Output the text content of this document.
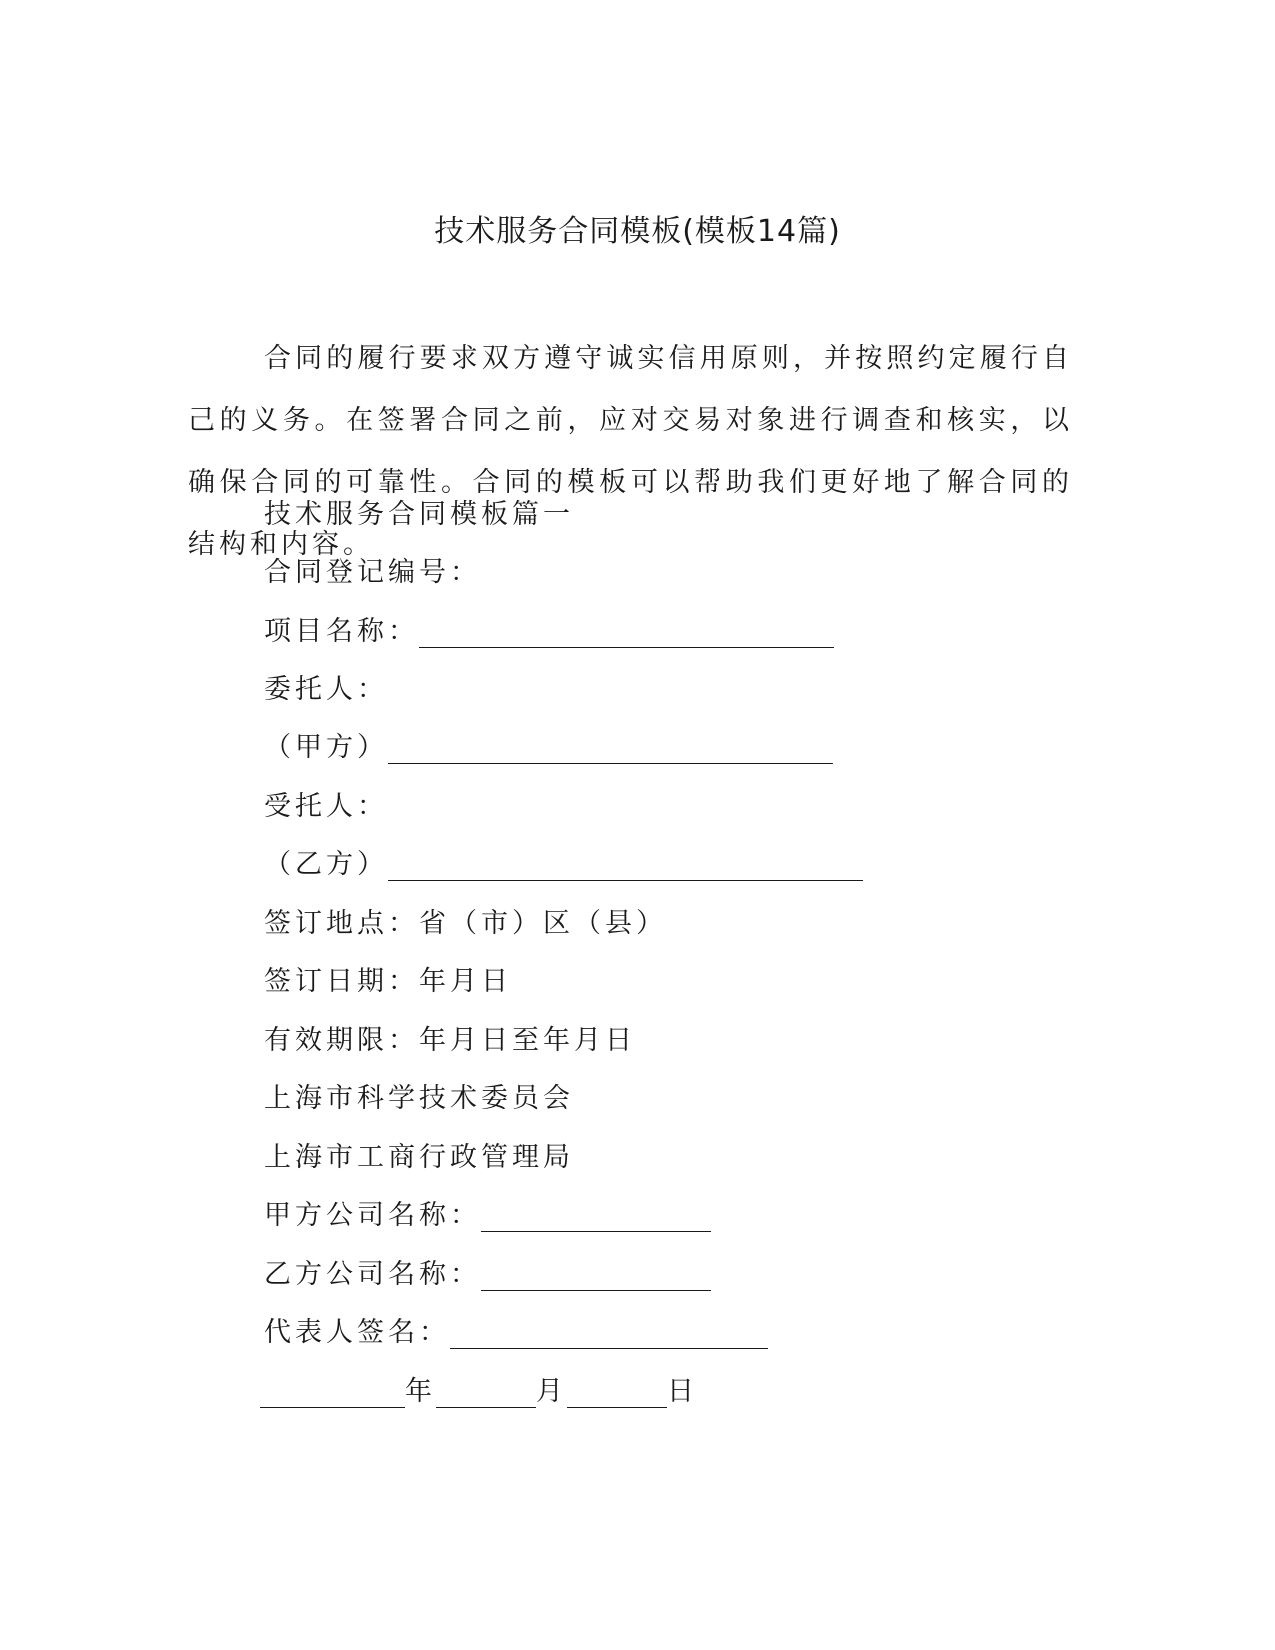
技术服务合同模板(模板14篇)

合同的履行要求双方遵守诚实信用原则，并按照约定履行自己的义务。在签署合同之前，应对交易对象进行调查和核实，以确保合同的可靠性。合同的模板可以帮助我们更好地了解合同的结构和内容。

技术服务合同模板篇一
合同登记编号：
项目名称：
委托人：
（甲方）
受托人：
（乙方）
签订地点：省（市）区（县）
签订日期：年月日
有效期限：年月日至年月日
上海市科学技术委员会
上海市工商行政管理局
甲方公司名称：
乙方公司名称：
代表人签名：
年	月	日
